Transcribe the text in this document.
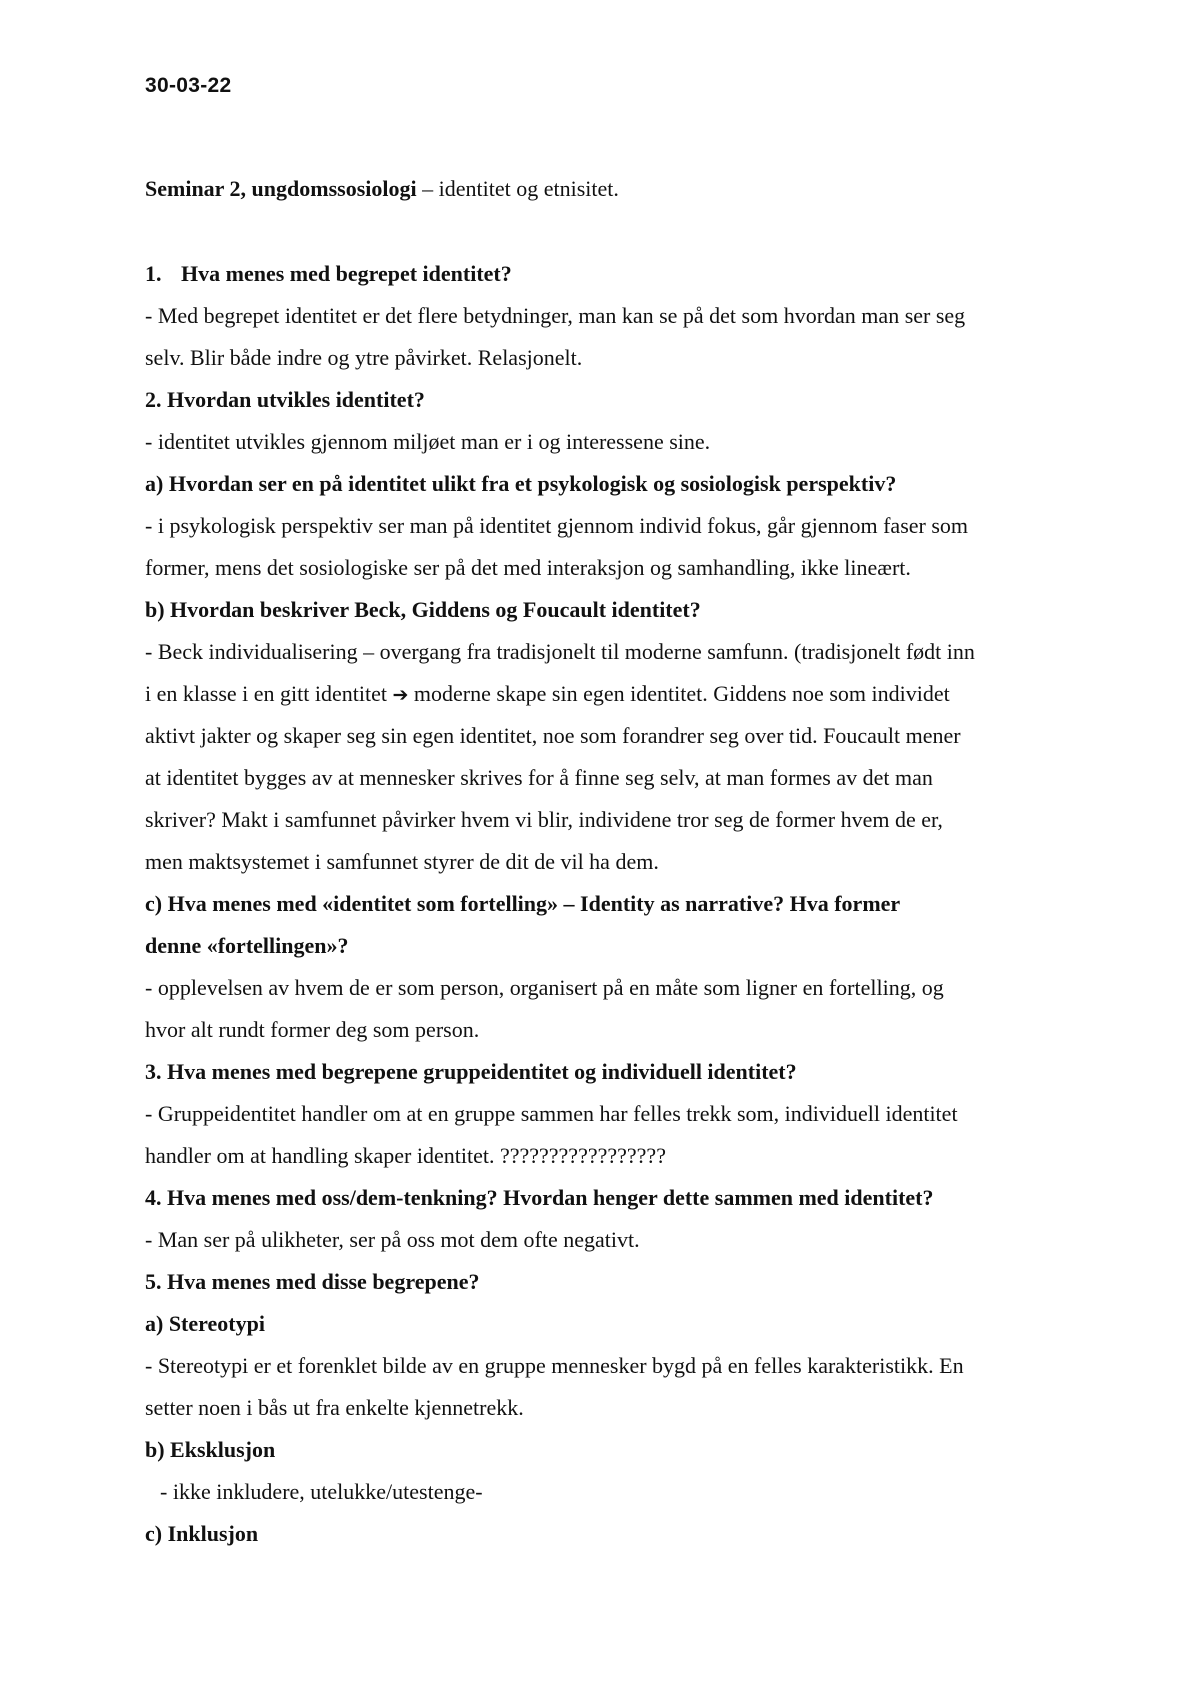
30-03-22
Seminar 2, ungdomssosiologi – identitet og etnisitet.
1. Hva menes med begrepet identitet?
- Med begrepet identitet er det flere betydninger, man kan se på det som hvordan man ser seg
selv. Blir både indre og ytre påvirket. Relasjonelt.
2. Hvordan utvikles identitet?
- identitet utvikles gjennom miljøet man er i og interessene sine.
a) Hvordan ser en på identitet ulikt fra et psykologisk og sosiologisk perspektiv?
- i psykologisk perspektiv ser man på identitet gjennom individ fokus, går gjennom faser som
former, mens det sosiologiske ser på det med interaksjon og samhandling, ikke lineært.
b) Hvordan beskriver Beck, Giddens og Foucault identitet?
- Beck individualisering – overgang fra tradisjonelt til moderne samfunn. (tradisjonelt født inn
i en klasse i en gitt identitet ➔ moderne skape sin egen identitet. Giddens noe som individet
aktivt jakter og skaper seg sin egen identitet, noe som forandrer seg over tid. Foucault mener
at identitet bygges av at mennesker skrives for å finne seg selv, at man formes av det man
skriver? Makt i samfunnet påvirker hvem vi blir, individene tror seg de former hvem de er,
men maktsystemet i samfunnet styrer de dit de vil ha dem.
c) Hva menes med «identitet som fortelling» – Identity as narrative? Hva former
denne «fortellingen»?
- opplevelsen av hvem de er som person, organisert på en måte som ligner en fortelling, og
hvor alt rundt former deg som person.
3. Hva menes med begrepene gruppeidentitet og individuell identitet?
- Gruppeidentitet handler om at en gruppe sammen har felles trekk som, individuell identitet
handler om at handling skaper identitet. ?????????????????
4. Hva menes med oss/dem-tenkning? Hvordan henger dette sammen med identitet?
- Man ser på ulikheter, ser på oss mot dem ofte negativt.
5. Hva menes med disse begrepene?
a) Stereotypi
- Stereotypi er et forenklet bilde av en gruppe mennesker bygd på en felles karakteristikk. En
setter noen i bås ut fra enkelte kjennetrekk.
b) Eksklusjon
- ikke inkludere, utelukke/utestenge-
c) Inklusjon
